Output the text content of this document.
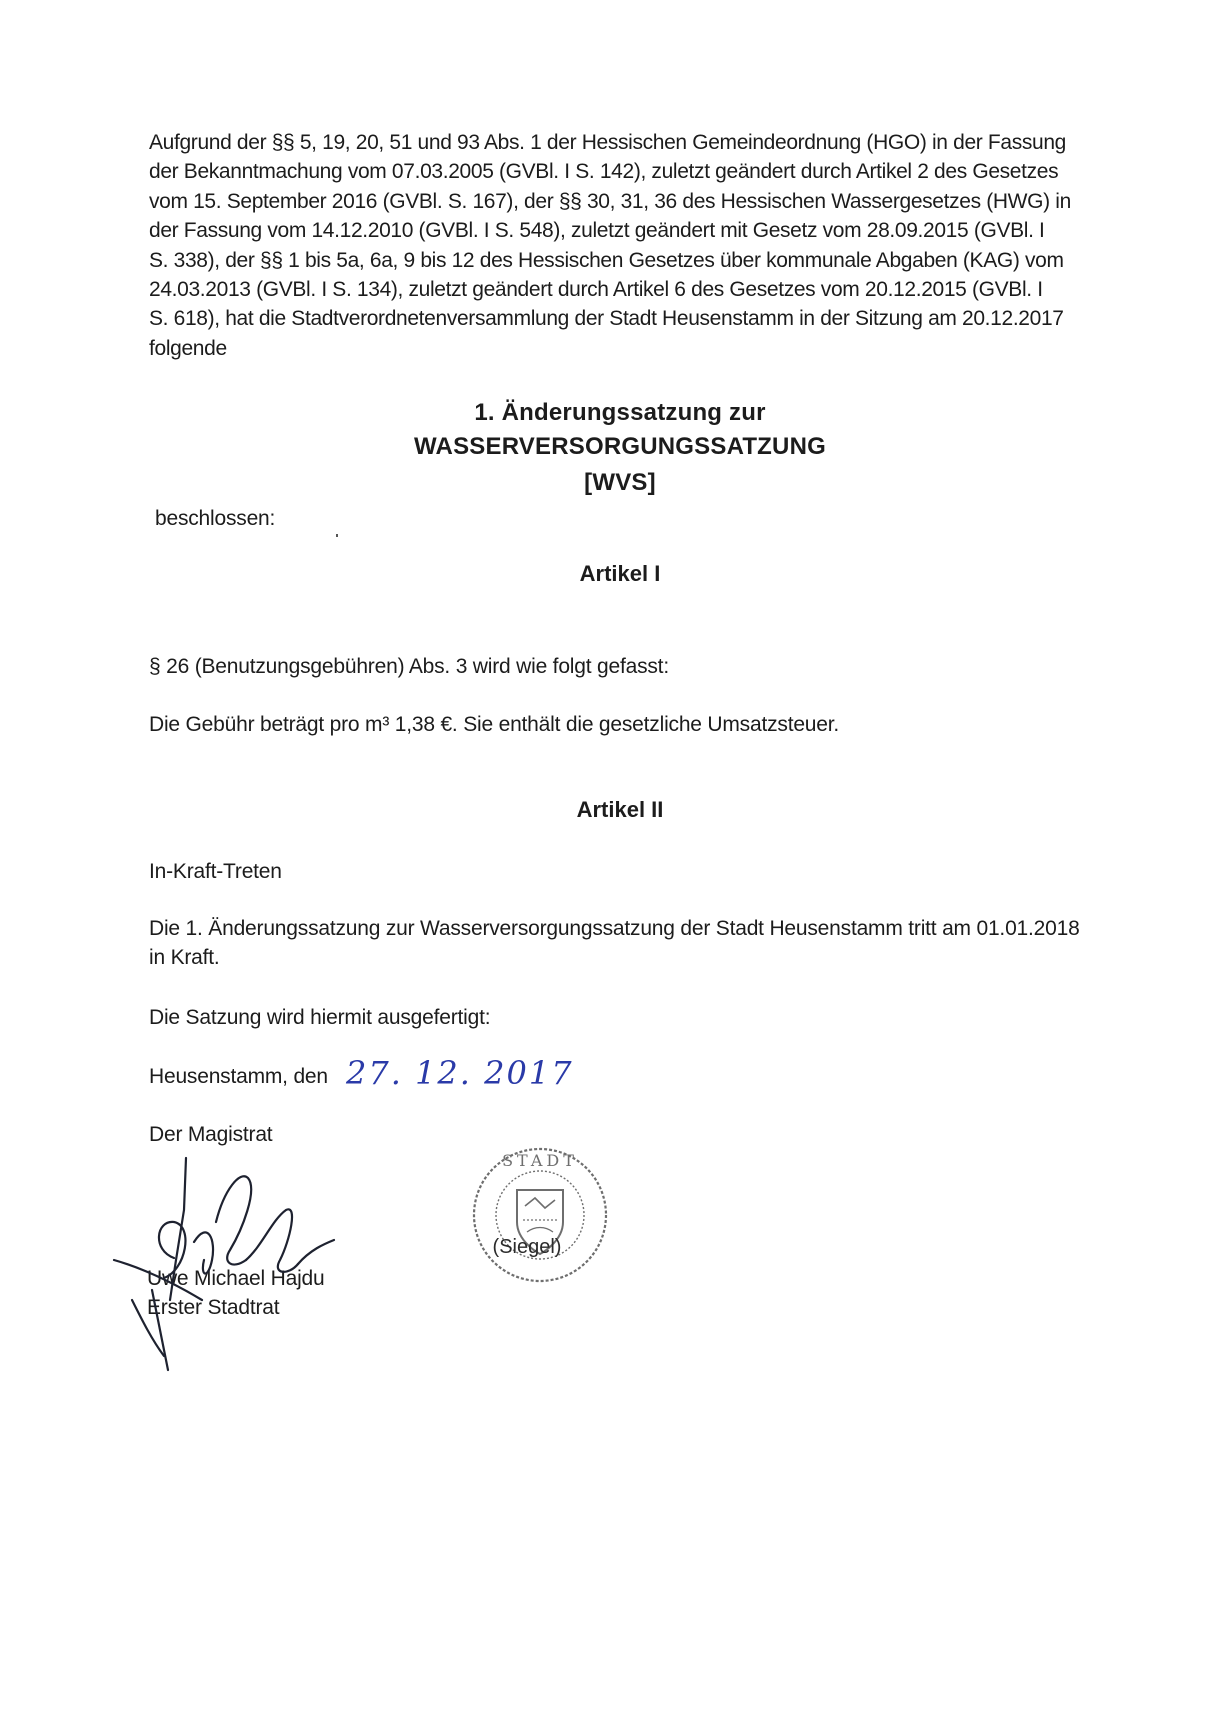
Aufgrund der §§ 5, 19, 20, 51 und 93 Abs. 1 der Hessischen Gemeindeordnung (HGO) in der Fassung
der Bekanntmachung vom 07.03.2005 (GVBl. I S. 142), zuletzt geändert durch Artikel 2 des Gesetzes
vom 15. September 2016 (GVBl. S. 167), der §§ 30, 31, 36 des Hessischen Wassergesetzes (HWG) in
der Fassung vom 14.12.2010 (GVBl. I S. 548), zuletzt geändert mit Gesetz vom 28.09.2015 (GVBl. I
S. 338), der §§ 1 bis 5a, 6a, 9 bis 12 des Hessischen Gesetzes über kommunale Abgaben (KAG) vom
24.03.2013 (GVBl. I S. 134), zuletzt geändert durch Artikel 6 des Gesetzes vom 20.12.2015 (GVBl. I
S. 618), hat die Stadtverordnetenversammlung der Stadt Heusenstamm in der Sitzung am 20.12.2017
folgende
1. Änderungssatzung zur
WASSERVERSORGUNGSSATZUNG
[WVS]
beschlossen:
Artikel I
§ 26 (Benutzungsgebühren) Abs. 3 wird wie folgt gefasst:
Die Gebühr beträgt pro m³ 1,38 €. Sie enthält die gesetzliche Umsatzsteuer.
Artikel II
In-Kraft-Treten
Die 1. Änderungssatzung zur Wasserversorgungssatzung der Stadt Heusenstamm tritt am 01.01.2018
in Kraft.
Die Satzung wird hiermit ausgefertigt:
Heusenstamm, den 27. 12. 2017
Der Magistrat
Uwe Michael Hajdu
Erster Stadtrat
STADT
(Siegel)
